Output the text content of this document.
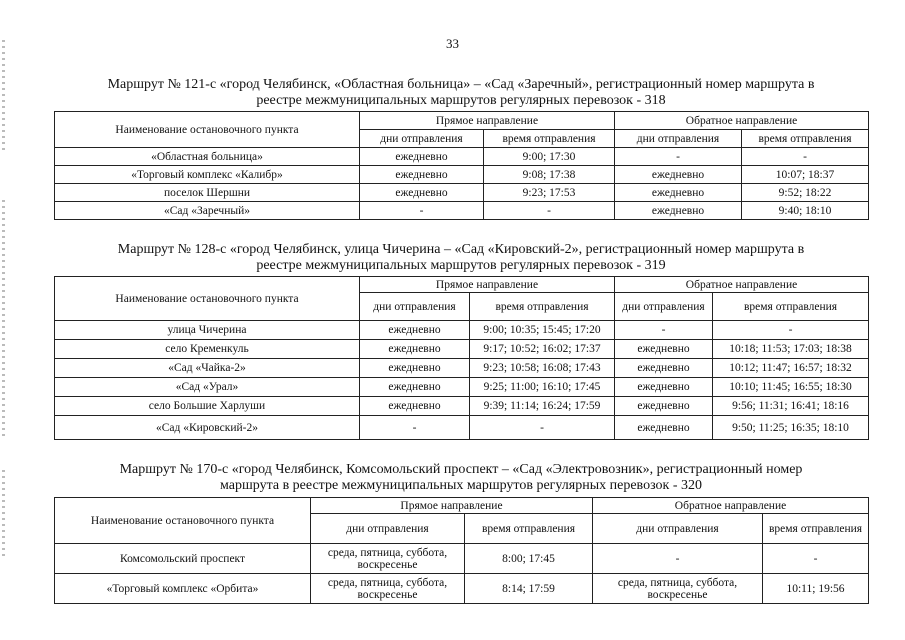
33
Маршрут № 121-с «город Челябинск, «Областная больница» – «Сад «Заречный», регистрационный номер маршрута в
реестре межмуниципальных маршрутов регулярных перевозок - 318
Наименование остановочного пункта	Прямое направление		Обратное направление	
	дни отправления	время отправления	дни отправления	время отправления
«Областная больница»	ежедневно	9:00; 17:30	-	-
«Торговый комплекс «Калибр»	ежедневно	9:08; 17:38	ежедневно	10:07; 18:37
поселок Шершни	ежедневно	9:23; 17:53	ежедневно	9:52; 18:22
«Сад «Заречный»	-	-	ежедневно	9:40; 18:10
Маршрут № 128-с «город Челябинск, улица Чичерина – «Сад «Кировский-2», регистрационный номер маршрута в
реестре межмуниципальных маршрутов регулярных перевозок - 319
Наименование остановочного пункта	Прямое направление		Обратное направление	
	дни отправления	время отправления	дни отправления	время отправления
улица Чичерина	ежедневно	9:00; 10:35; 15:45; 17:20	-	-
село Кременкуль	ежедневно	9:17; 10:52; 16:02; 17:37	ежедневно	10:18; 11:53; 17:03; 18:38
«Сад «Чайка-2»	ежедневно	9:23; 10:58; 16:08; 17:43	ежедневно	10:12; 11:47; 16:57; 18:32
«Сад «Урал»	ежедневно	9:25; 11:00; 16:10; 17:45	ежедневно	10:10; 11:45; 16:55; 18:30
село Большие Харлуши	ежедневно	9:39; 11:14; 16:24; 17:59	ежедневно	9:56; 11:31; 16:41; 18:16
«Сад «Кировский-2»	-	-	ежедневно	9:50; 11:25; 16:35; 18:10
Маршрут № 170-с «город Челябинск, Комсомольский проспект – «Сад «Электровозник», регистрационный номер
маршрута в реестре межмуниципальных маршрутов регулярных перевозок - 320
Наименование остановочного пункта	Прямое направление		Обратное направление	
	дни отправления	время отправления	дни отправления	время отправления
Комсомольский проспект	среда, пятница, суббота, воскресенье	8:00; 17:45	-	-
«Торговый комплекс «Орбита»	среда, пятница, суббота, воскресенье	8:14; 17:59	среда, пятница, суббота, воскресенье	10:11; 19:56
